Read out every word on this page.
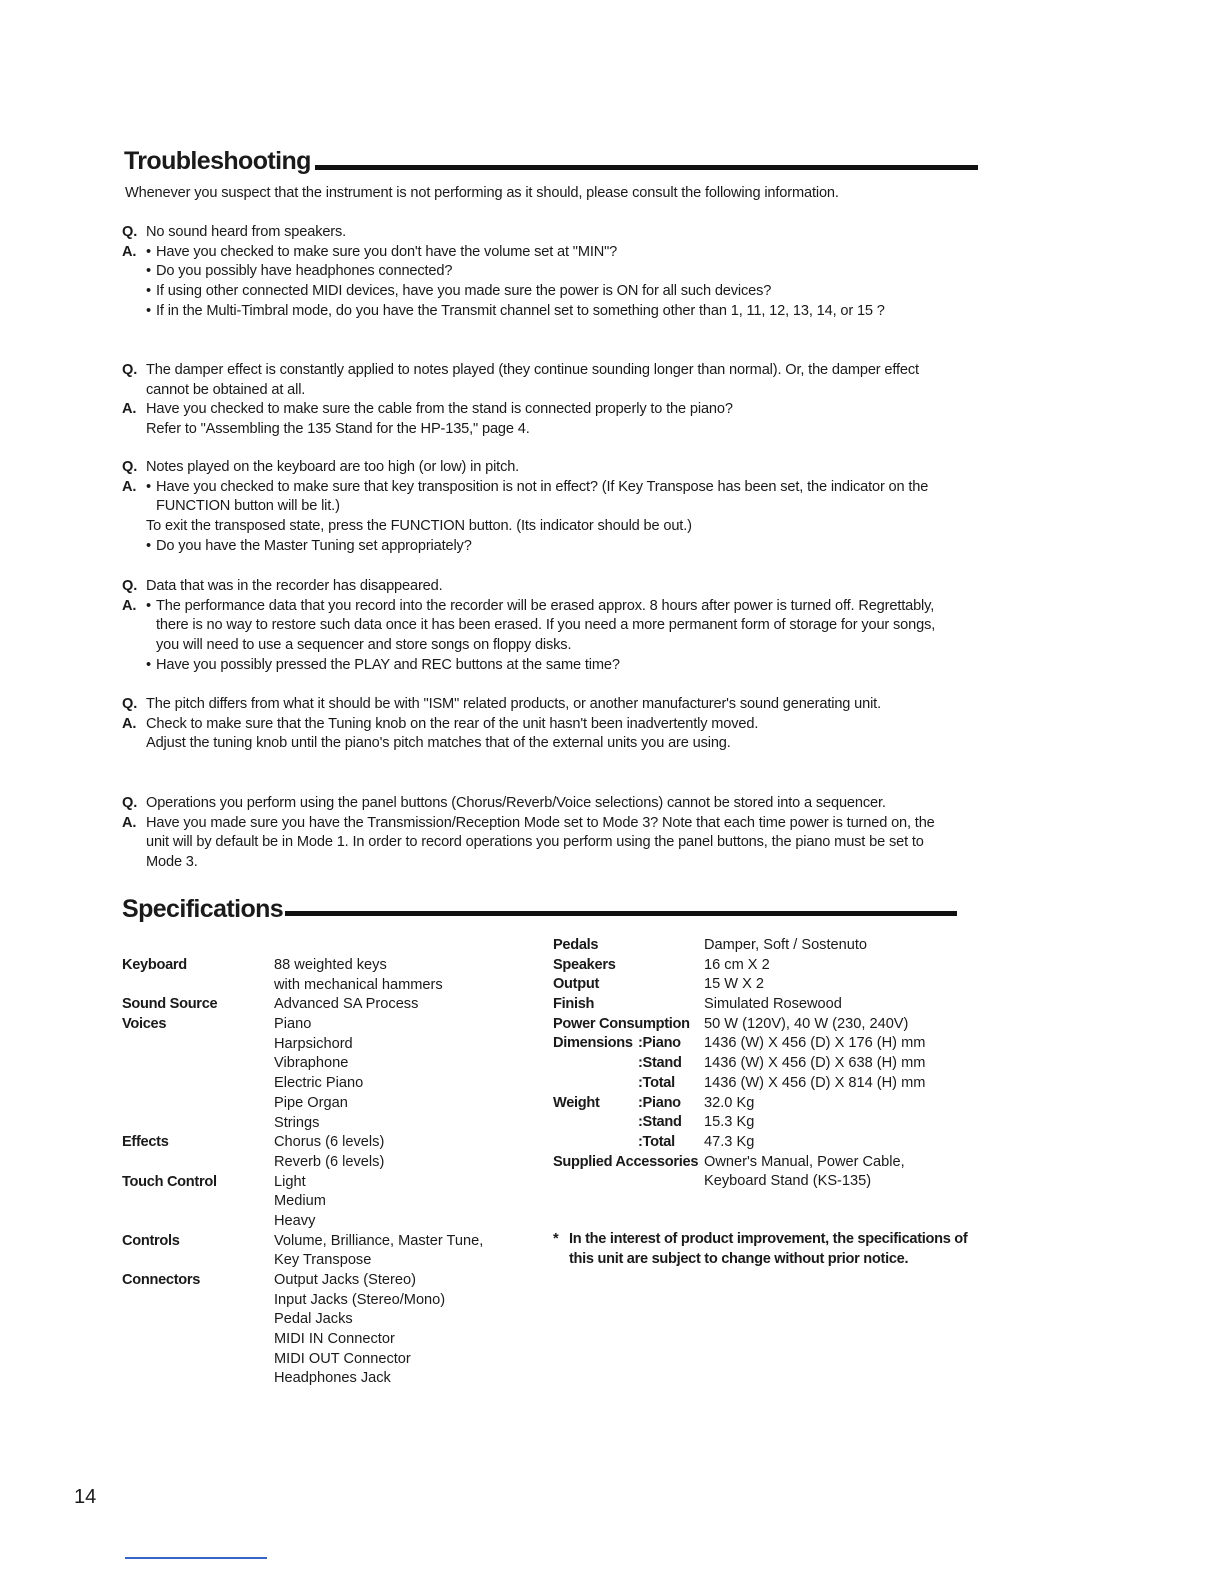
Troubleshooting
Whenever you suspect that the instrument is not performing as it should, please consult the following information.
Q. No sound heard from speakers.
A. • Have you checked to make sure you don't have the volume set at "MIN"?
• Do you possibly have headphones connected?
• If using other connected MIDI devices, have you made sure the power is ON for all such devices?
• If in the Multi-Timbral mode, do you have the Transmit channel set to something other than 1, 11, 12, 13, 14, or 15 ?
Q. The damper effect is constantly applied to notes played (they continue sounding longer than normal). Or, the damper effect cannot be obtained at all.
A. Have you checked to make sure the cable from the stand is connected properly to the piano?
Refer to "Assembling the 135 Stand for the HP-135," page 4.
Q. Notes played on the keyboard are too high (or low) in pitch.
A. • Have you checked to make sure that key transposition is not in effect? (If Key Transpose has been set, the indicator on the FUNCTION button will be lit.)
To exit the transposed state, press the FUNCTION button. (Its indicator should be out.)
• Do you have the Master Tuning set appropriately?
Q. Data that was in the recorder has disappeared.
A. • The performance data that you record into the recorder will be erased approx. 8 hours after power is turned off. Regrettably, there is no way to restore such data once it has been erased. If you need a more permanent form of storage for your songs, you will need to use a sequencer and store songs on floppy disks.
• Have you possibly pressed the PLAY and REC buttons at the same time?
Q. The pitch differs from what it should be with "ISM" related products, or another manufacturer's sound generating unit.
A. Check to make sure that the Tuning knob on the rear of the unit hasn't been inadvertently moved.
Adjust the tuning knob until the piano's pitch matches that of the external units you are using.
Q. Operations you perform using the panel buttons (Chorus/Reverb/Voice selections) cannot be stored into a sequencer.
A. Have you made sure you have the Transmission/Reception Mode set to Mode 3? Note that each time power is turned on, the unit will by default be in Mode 1. In order to record operations you perform using the panel buttons, the piano must be set to Mode 3.
Specifications
Keyboard	88 weighted keys
with mechanical hammers
Sound Source	Advanced SA Process
Voices	Piano
Harpsichord
Vibraphone
Electric Piano
Pipe Organ
Strings
Effects	Chorus (6 levels)
Reverb (6 levels)
Touch Control	Light
Medium
Heavy
Controls	Volume, Brilliance, Master Tune,
Key Transpose
Connectors	Output Jacks (Stereo)
Input Jacks (Stereo/Mono)
Pedal Jacks
MIDI IN Connector
MIDI OUT Connector
Headphones Jack
Pedals	Damper, Soft / Sostenuto
Speakers	16 cm X 2
Output	15 W X 2
Finish	Simulated Rosewood
Power Consumption 50 W (120V), 40 W (230, 240V)
Dimensions :Piano	1436 (W) X 456 (D) X 176 (H) mm
:Stand	1436 (W) X 456 (D) X 638 (H) mm
:Total	1436 (W) X 456 (D) X 814 (H) mm
Weight	:Piano	32.0 Kg
:Stand	15.3 Kg
:Total	47.3 Kg
Supplied Accessories Owner's Manual, Power Cable,
Keyboard Stand (KS-135)
* In the interest of product improvement, the specifications of this unit are subject to change without prior notice.
14
